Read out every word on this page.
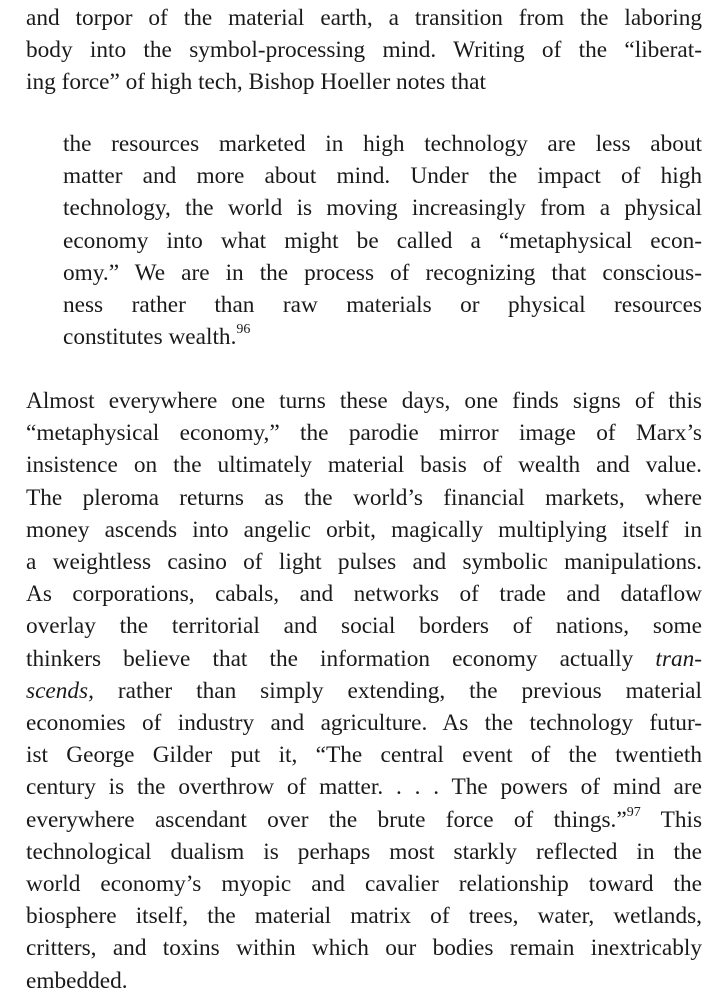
and torpor of the material earth, a transition from the laboring
body into the symbol-processing mind. Writing of the “liberat-
ing force” of high tech, Bishop Hoeller notes that
the resources marketed in high technology are less about
matter and more about mind. Under the impact of high
technology, the world is moving increasingly from a physical
economy into what might be called a “metaphysical econ-
omy.” We are in the process of recognizing that conscious-
ness rather than raw materials or physical resources
constitutes wealth.$^{96}$
Almost everywhere one turns these days, one finds signs of this
“metaphysical economy,” the parodie mirror image of Marx’s
insistence on the ultimately material basis of wealth and value.
The pleroma returns as the world’s financial markets, where
money ascends into angelic orbit, magically multiplying itself in
a weightless casino of light pulses and symbolic manipulations.
As corporations, cabals, and networks of trade and dataflow
overlay the territorial and social borders of nations, some
thinkers believe that the information economy actually tran-
scends, rather than simply extending, the previous material
economies of industry and agriculture. As the technology futur-
ist George Gilder put it, “The central event of the twentieth
century is the overthrow of matter. . . . The powers of mind are
everywhere ascendant over the brute force of things.”$^{97}$ This
technological dualism is perhaps most starkly reflected in the
world economy’s myopic and cavalier relationship toward the
biosphere itself, the material matrix of trees, water, wetlands,
critters, and toxins within which our bodies remain inextricably
embedded.
